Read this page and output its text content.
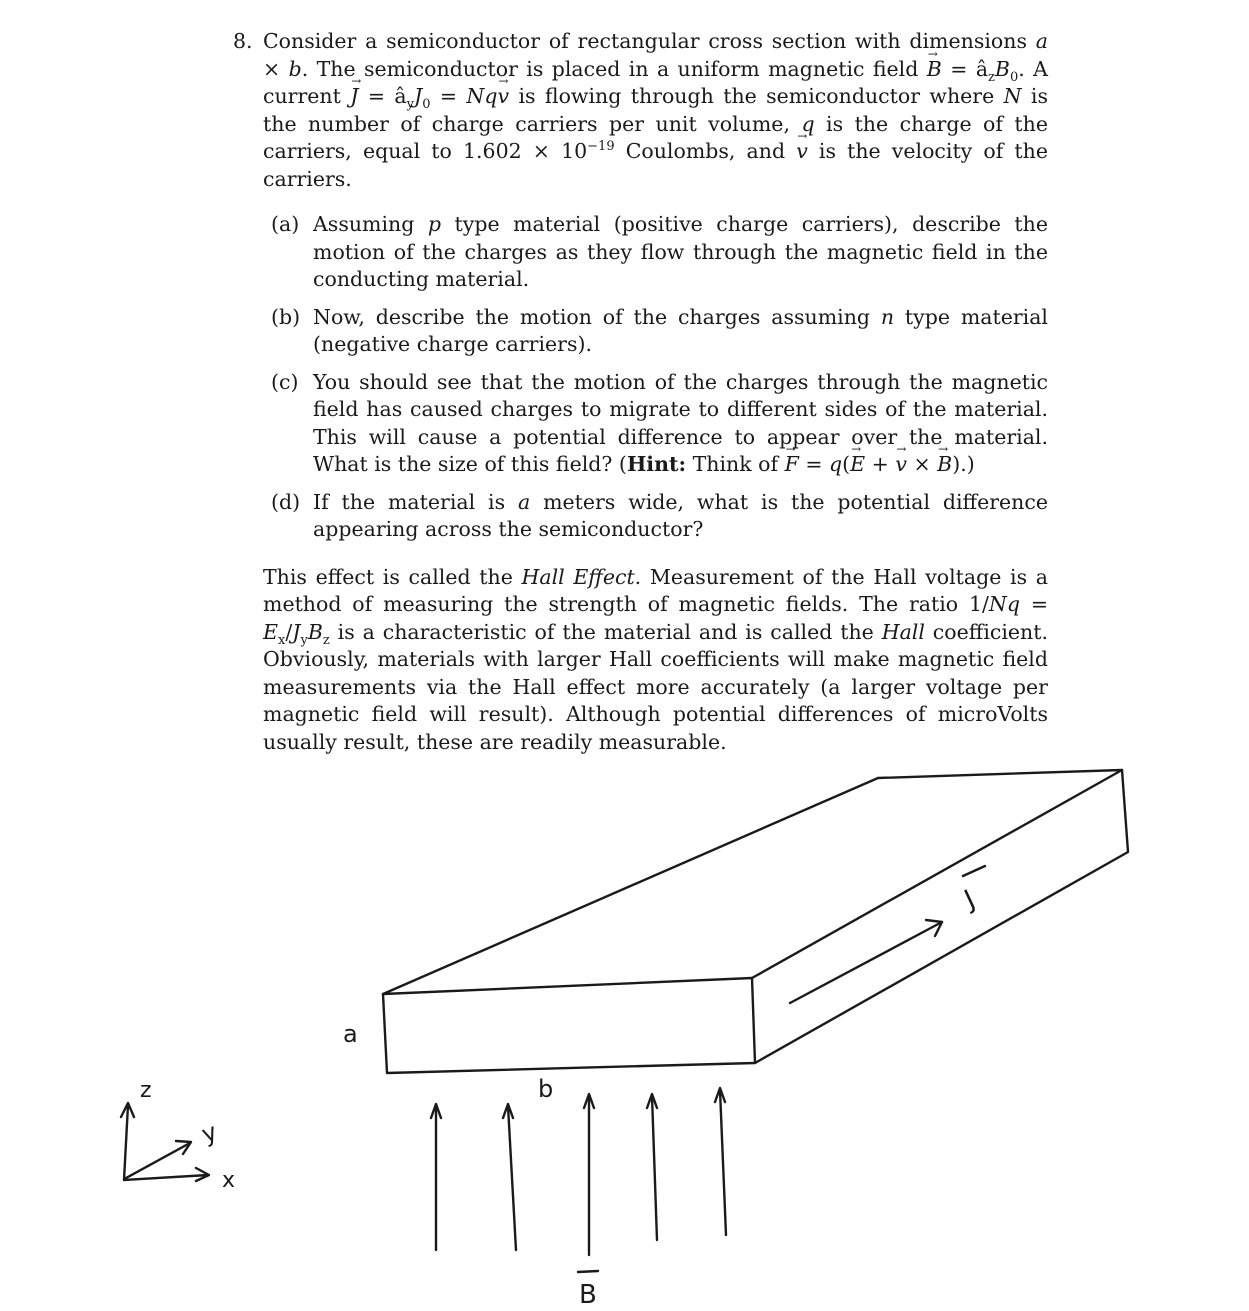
8. Consider a semiconductor of rectangular cross section with dimensions a × b. The semiconductor is placed in a uniform magnetic field B → = $â_zB_0$. A current J → = $â_yJ_0$ = Nqv → is flowing through the semiconductor where N is the number of charge carriers per unit volume, q is the charge of the carriers, equal to $1.602 \times 10^{-19}$ Coulombs, and v → is the velocity of the carriers.
(a) Assuming p type material (positive charge carriers), describe the motion of the charges as they flow through the magnetic field in the conducting material.
(b) Now, describe the motion of the charges assuming n type material (negative charge carriers).
(c) You should see that the motion of the charges through the magnetic field has caused charges to migrate to different sides of the material. This will cause a potential difference to appear over the material. What is the size of this field? (Hint: Think of F → = q(E → + v → × B →).)
(d) If the material is a meters wide, what is the potential difference appearing across the semiconductor?
This effect is called the Hall Effect. Measurement of the Hall voltage is a method of measuring the strength of magnetic fields. The ratio $1/Nq = E_x/J_yB_z$ is a characteristic of the material and is called the Hall coefficient. Obviously, materials with larger Hall coefficients will make magnetic field measurements via the Hall effect more accurately (a larger voltage per magnetic field will result). Although potential differences of microVolts usually result, these are readily measurable.
J
a
b
B
z
y
x
